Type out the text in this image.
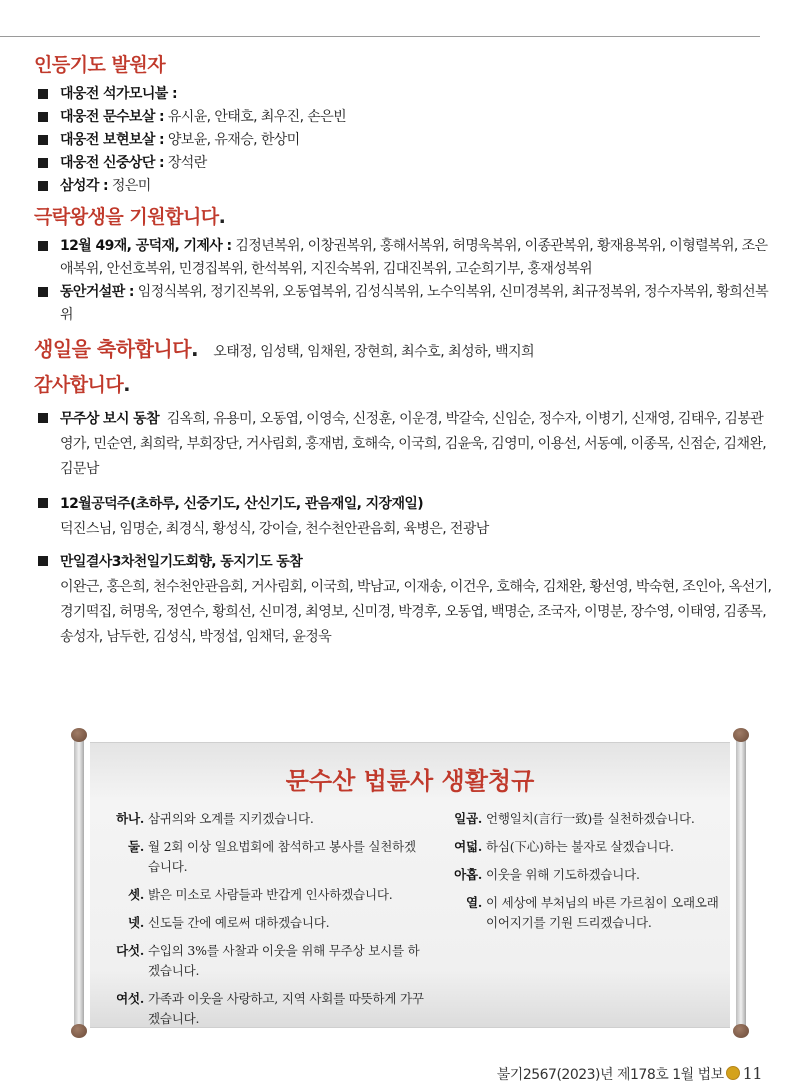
인등기도 발원자
대웅전 석가모니불 :
대웅전 문수보살 : 유시윤, 안태호, 최우진, 손은빈
대웅전 보현보살 : 양보윤, 유재승, 한상미
대웅전 신중상단 : 장석란
삼성각 : 정은미
극락왕생을 기원합니다.
12월 49재, 공덕재, 기제사 : 김정년복위, 이창권복위, 홍해서복위, 허명욱복위, 이종관복위, 황재용복위, 이형렬복위, 조은애복위, 안선호복위, 민경집복위, 한석복위, 지진숙복위, 김대진복위, 고순희기부, 홍재성복위
동안거설판 : 임정식복위, 정기진복위, 오동엽복위, 김성식복위, 노수익복위, 신미경복위, 최규정복위, 정수자복위, 황희선복위
생일을 축하합니다. 오태정, 임성택, 임채원, 장현희, 최수호, 최성하, 백지희
감사합니다.
무주상 보시 동참 김옥희, 유용미, 오동엽, 이영숙, 신정훈, 이운경, 박갈숙, 신임순, 정수자, 이병기, 신재영, 김태우, 김봉관영가, 민순연, 최희락, 부회장단, 거사림회, 홍재범, 호해숙, 이국희, 김윤욱, 김영미, 이용선, 서동예, 이종목, 신점순, 김채완, 김문남
12월공덕주(초하루, 신중기도, 산신기도, 관음재일, 지장재일)
덕진스님, 임명순, 최경식, 황성식, 강이슬, 천수천안관음회, 육병은, 전광남
만일결사3차천일기도회향, 동지기도 동참
이완근, 홍은희, 천수천안관음회, 거사림회, 이국희, 박남교, 이재송, 이건우, 호해숙, 김채완, 황선영, 박숙현, 조인아, 옥선기, 경기떡집, 허명욱, 정연수, 황희선, 신미경, 최영보, 신미경, 박경후, 오동엽, 백명순, 조국자, 이명분, 장수영, 이태영, 김종목, 송성자, 남두한, 김성식, 박정섭, 임채덕, 윤정욱
문수산 법륜사 생활청규
하나. 삼귀의와 오계를 지키겠습니다.
둘. 월 2회 이상 일요법회에 참석하고 봉사를 실천하겠습니다.
셋. 밝은 미소로 사람들과 반갑게 인사하겠습니다.
넷. 신도들 간에 예로써 대하겠습니다.
다섯. 수입의 3%를 사찰과 이웃을 위해 무주상 보시를 하겠습니다.
여섯. 가족과 이웃을 사랑하고, 지역 사회를 따뜻하게 가꾸겠습니다.
일곱. 언행일치(言行一致)를 실천하겠습니다.
여덟. 하심(下心)하는 불자로 살겠습니다.
아홉. 이웃을 위해 기도하겠습니다.
열. 이 세상에 부처님의 바른 가르침이 오래오래 이어지기를 기원 드리겠습니다.
불기2567(2023)년 제178호 1월 법보 11
